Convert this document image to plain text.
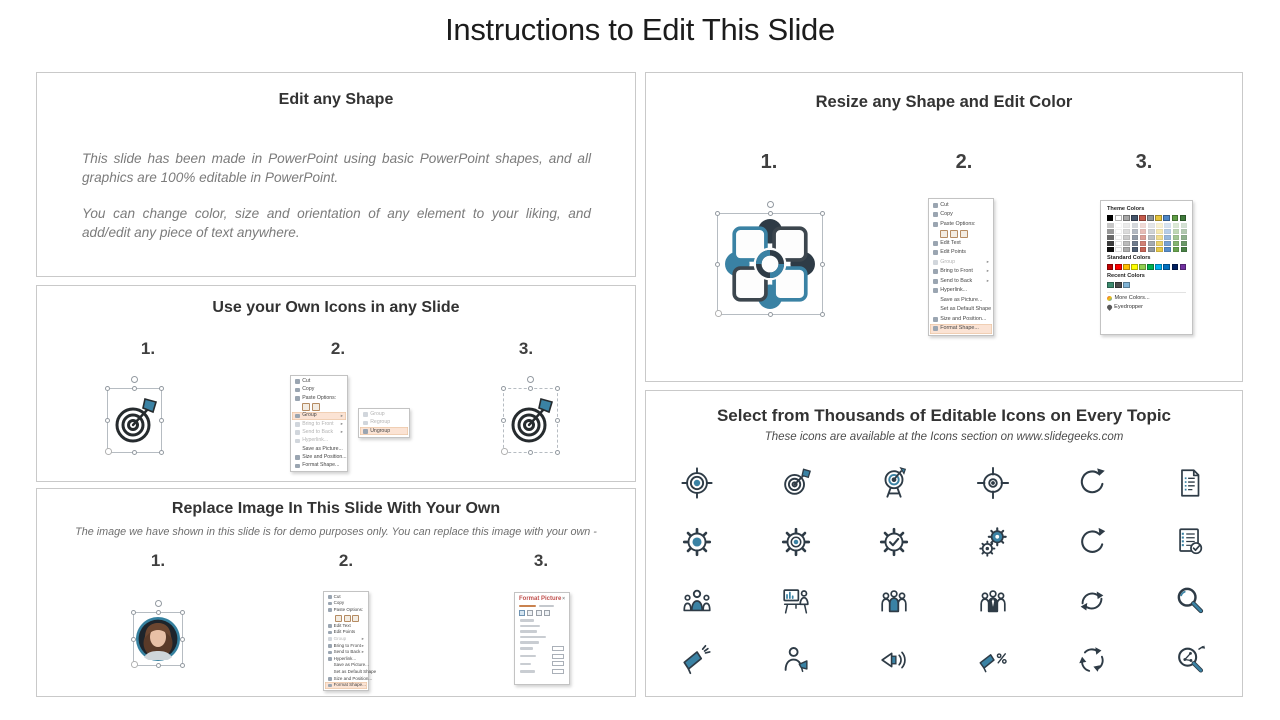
Instructions to Edit This Slide
Edit any Shape

This slide has been made in PowerPoint using basic PowerPoint shapes, and all graphics are 100% editable in PowerPoint.

You can change color, size and orientation of any element to your liking, and add/edit any piece of text anywhere.

Use your Own Icons in any Slide
1.	2.	3.
Cut
Copy
Paste Options:
Group	▸
Bring to Front ▸
Send to Back ▸
Hyperlink...
Save as Picture...
Size and Position...
Format Shape...
Group
Regroup
Ungroup
Replace Image In This Slide With Your Own
The image we have shown in this slide is for demo purposes only. You can replace this image with your own -
1.	2.	3.
Cut
Copy
Paste Options:
Edit Text
Edit Points
Group	▸
Bring to Front ▸
Send to Back ▸
Hyperlink...
Save as Picture...
Set as Default Shape
Size and Position...
Format Shape...
Format Picture ×
Resize any Shape and Edit Color
1.	2.	3.
Cut
Copy
Paste Options:
Edit Text
Edit Points
Group	▸
Bring to Front	▸
Send to Back	▸
Hyperlink...
Save as Picture...
Set as Default Shape
Size and Position...
Format Shape...
Theme Colors
Standard Colors
Recent Colors
More Colors...
Eyedropper
Select from Thousands of Editable Icons on Every Topic
These icons are available at the Icons section on www.slidegeeks.com
